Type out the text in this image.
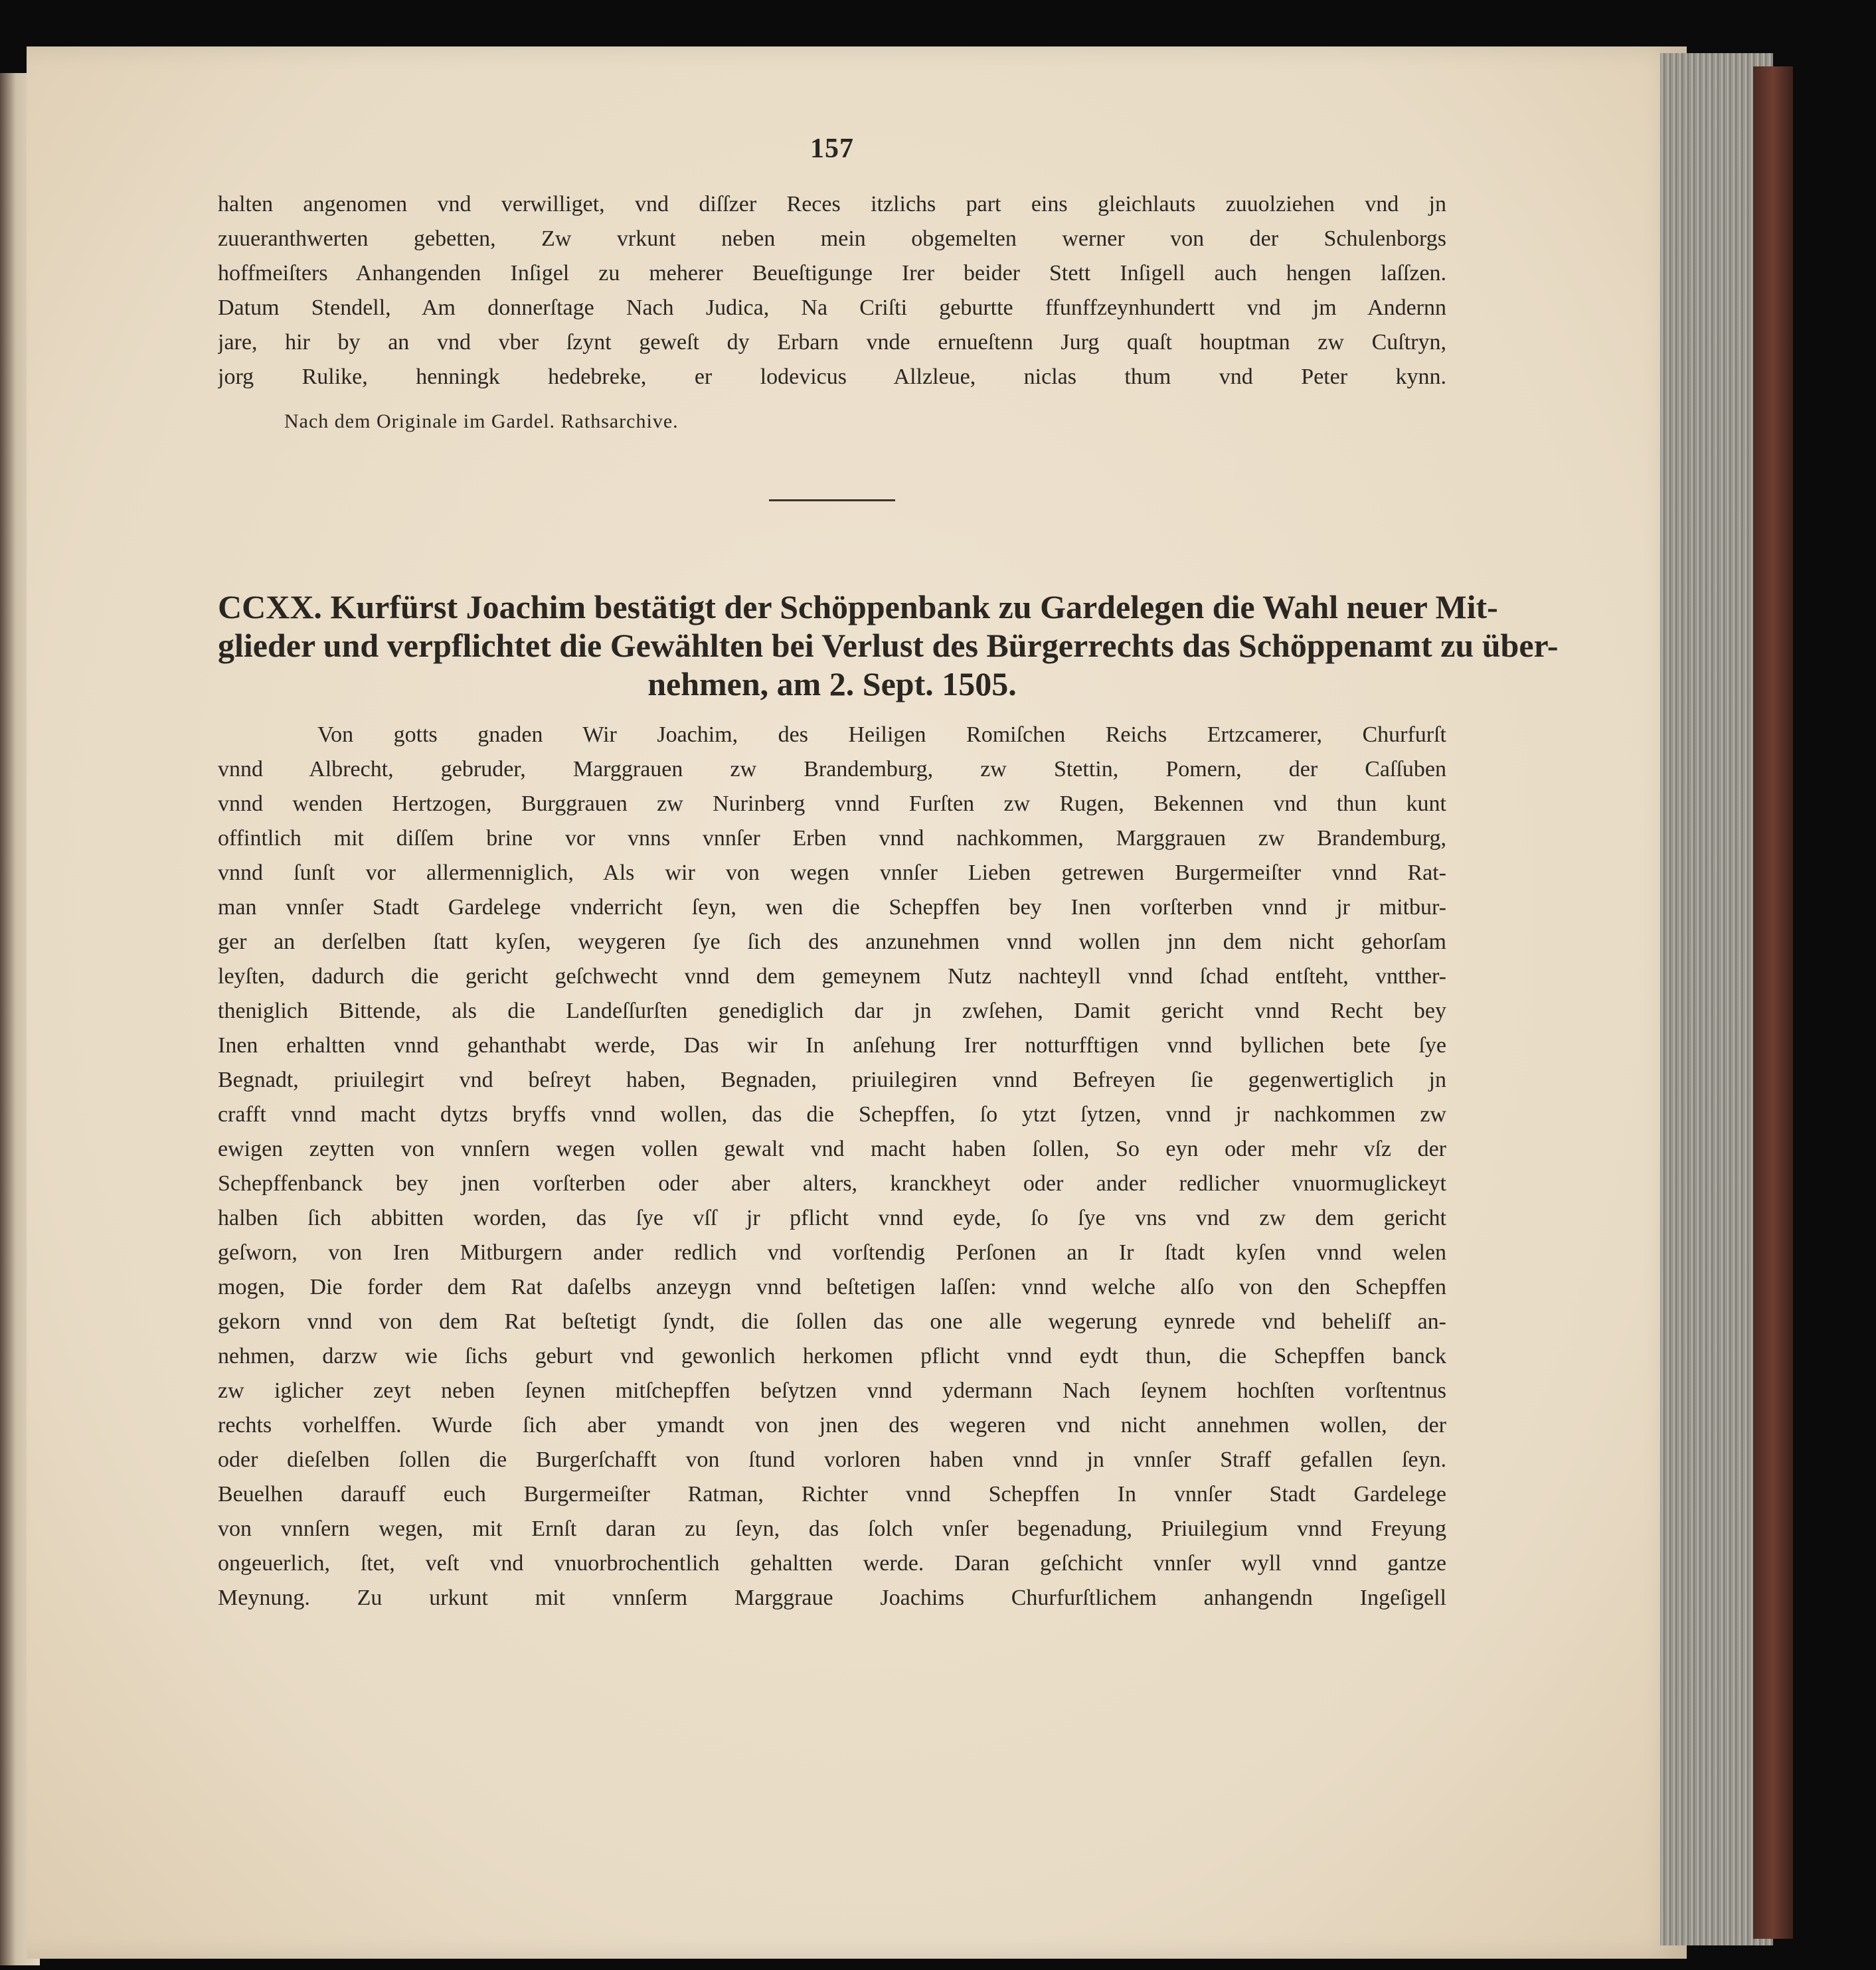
157
halten angenomen vnd verwilliget, vnd diſſzer Reces itzlichs part eins gleichlauts zuuolziehen vnd jn
zuueranthwerten gebetten, Zw vrkunt neben mein obgemelten werner von der Schulenborgs
hoffmeiſters Anhangenden Inſigel zu meherer Beueſtigunge Irer beider Stett Inſigell auch hengen laſſzen.
Datum Stendell, Am donnerſtage Nach Judica, Na Criſti geburtte ffunffzeynhundertt vnd jm Andernn
jare, hir by an vnd vber ſzynt geweſt dy Erbarn vnde ernueſtenn Jurg quaſt houptman zw Cuſtryn,
jorg Rulike, henningk hedebreke, er lodevicus Allzleue, niclas thum vnd Peter kynn.
Nach dem Originale im Gardel. Rathsarchive.
CCXX. Kurfürst Joachim bestätigt der Schöppenbank zu Gardelegen die Wahl neuer Mit-
glieder und verpflichtet die Gewählten bei Verlust des Bürgerrechts das Schöppenamt zu über-
nehmen, am 2. Sept. 1505.
Von gotts gnaden Wir Joachim, des Heiligen Romiſchen Reichs Ertzcamerer, Churfurſt
vnnd Albrecht, gebruder, Marggrauen zw Brandemburg, zw Stettin, Pomern, der Caſſuben
vnnd wenden Hertzogen, Burggrauen zw Nurinberg vnnd Furſten zw Rugen, Bekennen vnd thun kunt
offintlich mit diſſem brine vor vnns vnnſer Erben vnnd nachkommen, Marggrauen zw Brandemburg,
vnnd ſunſt vor allermenniglich, Als wir von wegen vnnſer Lieben getrewen Burgermeiſter vnnd Rat-
man vnnſer Stadt Gardelege vnderricht ſeyn, wen die Schepffen bey Inen vorſterben vnnd jr mitbur-
ger an derſelben ſtatt kyſen, weygeren ſye ſich des anzunehmen vnnd wollen jnn dem nicht gehorſam
leyſten, dadurch die gericht geſchwecht vnnd dem gemeynem Nutz nachteyll vnnd ſchad entſteht, vntther-
theniglich Bittende, als die Landeſſurſten genediglich dar jn zwſehen, Damit gericht vnnd Recht bey
Inen erhaltten vnnd gehanthabt werde, Das wir In anſehung Irer notturfftigen vnnd byllichen bete ſye
Begnadt, priuilegirt vnd beſreyt haben, Begnaden, priuilegiren vnnd Befreyen ſie gegenwertiglich jn
crafft vnnd macht dytzs bryffs vnnd wollen, das die Schepffen, ſo ytzt ſytzen, vnnd jr nachkommen zw
ewigen zeytten von vnnſern wegen vollen gewalt vnd macht haben ſollen, So eyn oder mehr vſz der
Schepffenbanck bey jnen vorſterben oder aber alters, kranckheyt oder ander redlicher vnuormuglickeyt
halben ſich abbitten worden, das ſye vſſ jr pflicht vnnd eyde, ſo ſye vns vnd zw dem gericht
geſworn, von Iren Mitburgern ander redlich vnd vorſtendig Perſonen an Ir ſtadt kyſen vnnd welen
mogen, Die forder dem Rat daſelbs anzeygn vnnd beſtetigen laſſen: vnnd welche alſo von den Schepffen
gekorn vnnd von dem Rat beſtetigt ſyndt, die ſollen das one alle wegerung eynrede vnd beheliſf an-
nehmen, darzw wie ſichs geburt vnd gewonlich herkomen pflicht vnnd eydt thun, die Schepffen banck
zw iglicher zeyt neben ſeynen mitſchepffen beſytzen vnnd ydermann Nach ſeynem hochſten vorſtentnus
rechts vorhelffen. Wurde ſich aber ymandt von jnen des wegeren vnd nicht annehmen wollen, der
oder dieſelben ſollen die Burgerſchafft von ſtund vorloren haben vnnd jn vnnſer Straff gefallen ſeyn.
Beuelhen darauff euch Burgermeiſter Ratman, Richter vnnd Schepffen In vnnſer Stadt Gardelege
von vnnſern wegen, mit Ernſt daran zu ſeyn, das ſolch vnſer begenadung, Priuilegium vnnd Freyung
ongeuerlich, ſtet, veſt vnd vnuorbrochentlich gehaltten werde. Daran geſchicht vnnſer wyll vnnd gantze
Meynung. Zu urkunt mit vnnſerm Marggraue Joachims Churfurſtlichem anhangendn Ingeſigell
